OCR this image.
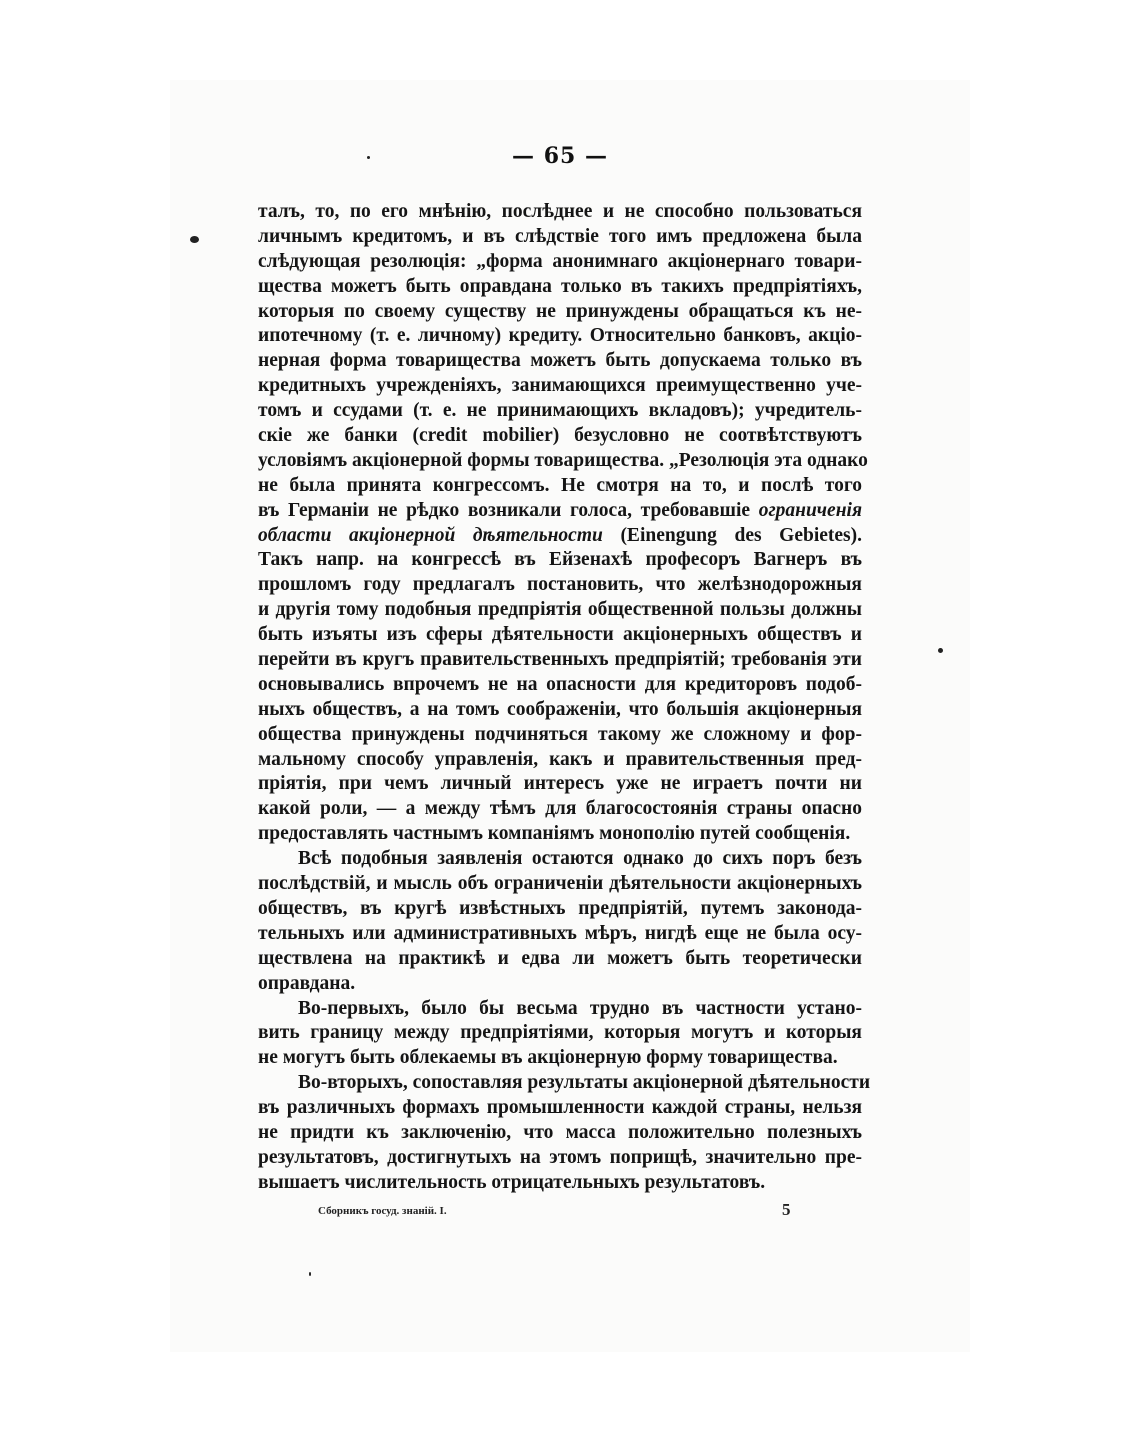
— 65 —
талъ, то, по его мнѣнію, послѣднее и не способно пользоваться
личнымъ кредитомъ, и въ слѣдствіе того имъ предложена была
слѣдующая резолюція: „форма анонимнаго акціонернаго товари-
щества можетъ быть оправдана только въ такихъ предпріятіяхъ,
которыя по своему существу не принуждены обращаться къ не-
ипотечному (т. е. личному) кредиту. Относительно банковъ, акціо-
нерная форма товарищества можетъ быть допускаема только въ
кредитныхъ учрежденіяхъ, занимающихся преимущественно уче-
томъ и ссудами (т. е. не принимающихъ вкладовъ); учредитель-
скіе же банки (credit mobilier) безусловно не соотвѣтствуютъ
условіямъ акціонерной формы товарищества. „Резолюція эта однако
не была принята конгрессомъ. Не смотря на то, и послѣ того
въ Германіи не рѣдко возникали голоса, требовавшіе ограниченія
области акціонерной дѣятельности (Einengung des Gebietes).
Такъ напр. на конгрессѣ въ Ейзенахѣ професоръ Вагнеръ въ
прошломъ году предлагалъ постановить, что желѣзнодорожныя
и другія тому подобныя предпріятія общественной пользы должны
быть изъяты изъ сферы дѣятельности акціонерныхъ обществъ и
перейти въ кругъ правительственныхъ предпріятій; требованія эти
основывались впрочемъ не на опасности для кредиторовъ подоб-
ныхъ обществъ, а на томъ соображеніи, что большія акціонерныя
общества принуждены подчиняться такому же сложному и фор-
мальному способу управленія, какъ и правительственныя пред-
пріятія, при чемъ личный интересъ уже не играетъ почти ни
какой роли, — а между тѣмъ для благосостоянія страны опасно
предоставлять частнымъ компаніямъ монополію путей сообщенія.
Всѣ подобныя заявленія остаются однако до сихъ поръ безъ
послѣдствій, и мысль объ ограниченіи дѣятельности акціонерныхъ
обществъ, въ кругѣ извѣстныхъ предпріятій, путемъ законода-
тельныхъ или административныхъ мѣръ, нигдѣ еще не была осу-
ществлена на практикѣ и едва ли можетъ быть теоретически
оправдана.
Во-первыхъ, было бы весьма трудно въ частности устано-
вить границу между предпріятіями, которыя могутъ и которыя
не могутъ быть облекаемы въ акціонерную форму товарищества.
Во-вторыхъ, сопоставляя результаты акціонерной дѣятельности
въ различныхъ формахъ промышленности каждой страны, нельзя
не придти къ заключенію, что масса положительно полезныхъ
результатовъ, достигнутыхъ на этомъ поприщѣ, значительно пре-
вышаетъ числительность отрицательныхъ результатовъ.
Сборникъ госуд. знаній. I.	5
